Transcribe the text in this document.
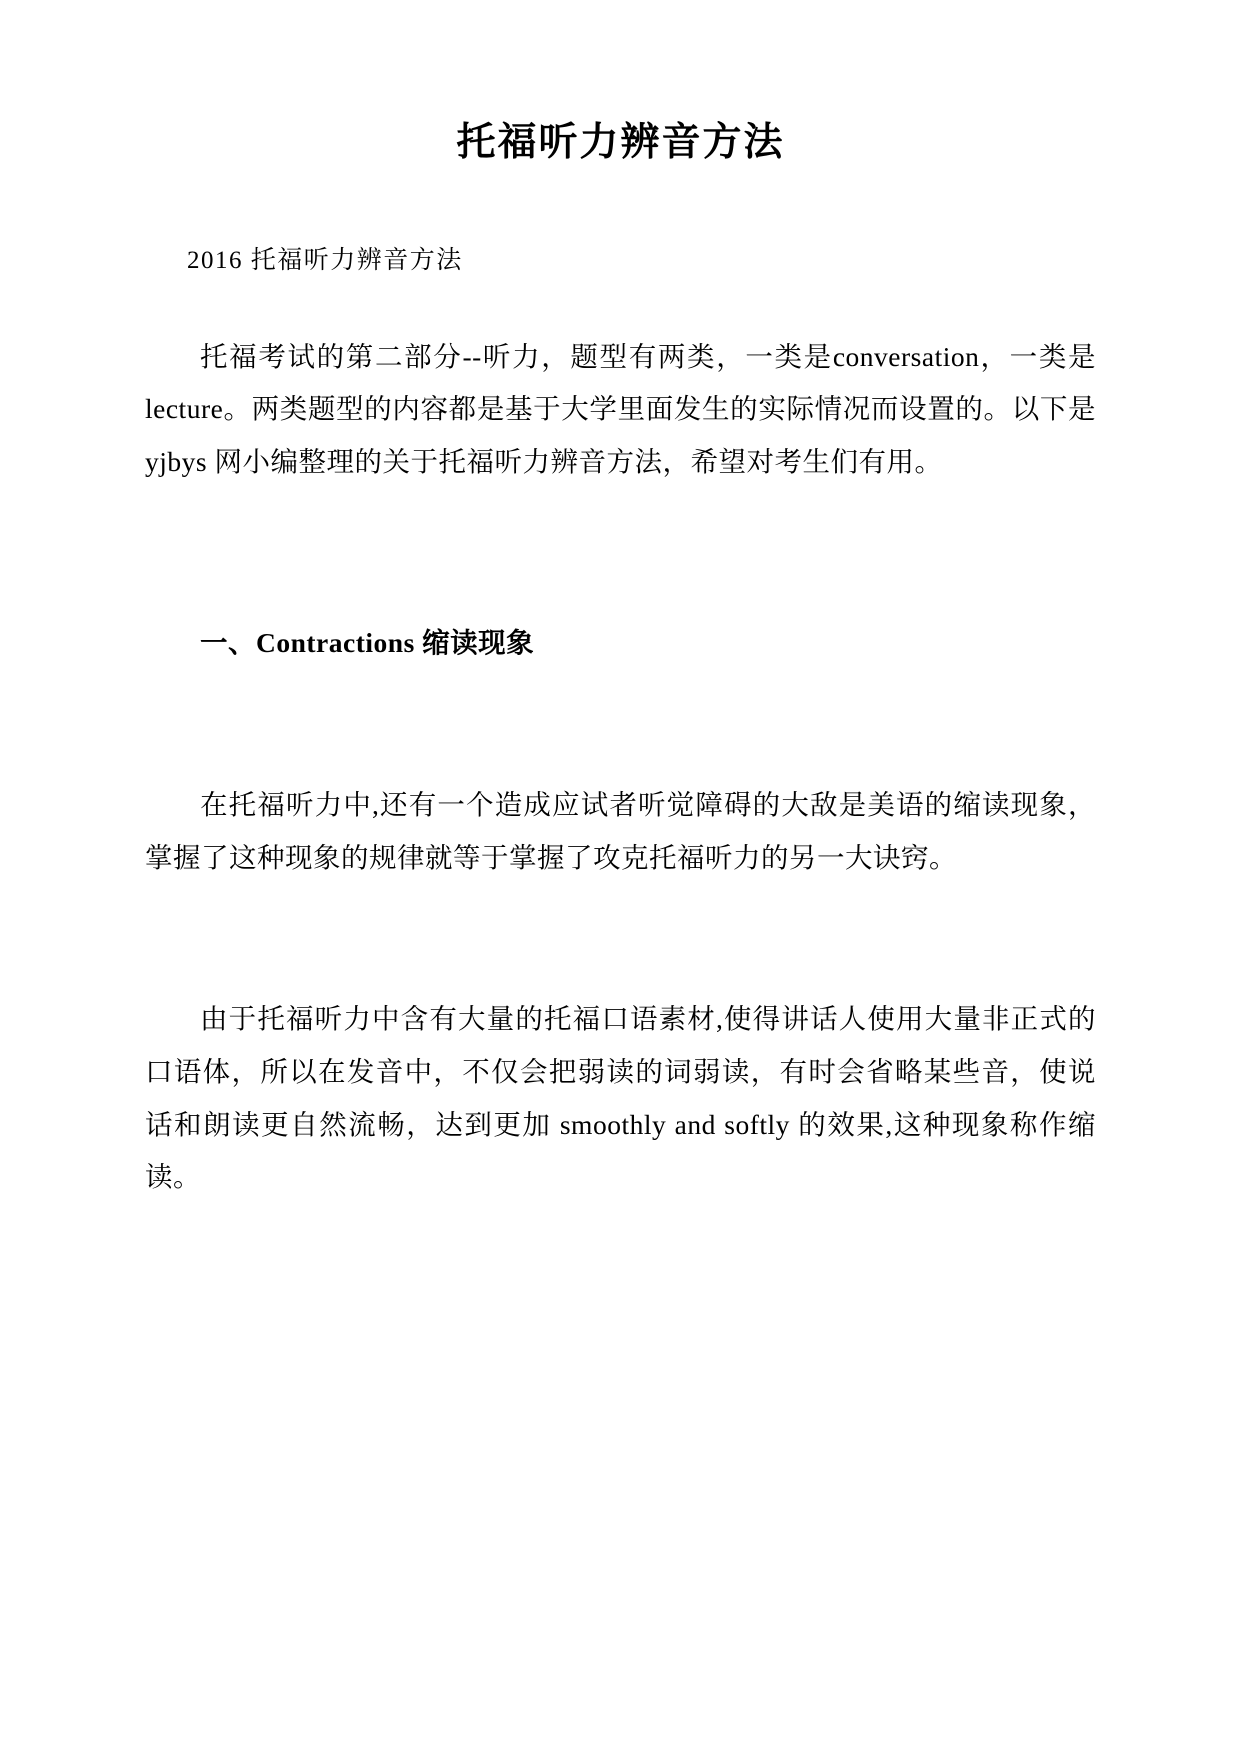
托福听力辨音方法

2016 托福听力辨音方法

托福考试的第二部分--听力，题型有两类，一类是conversation，一类是 lecture。两类题型的内容都是基于大学里面发生的实际情况而设置的。以下是 yjbys 网小编整理的关于托福听力辨音方法，希望对考生们有用。

一、Contractions 缩读现象

在托福听力中,还有一个造成应试者听觉障碍的大敌是美语的缩读现象，掌握了这种现象的规律就等于掌握了攻克托福听力的另一大诀窍。

由于托福听力中含有大量的托福口语素材,使得讲话人使用大量非正式的口语体，所以在发音中，不仅会把弱读的词弱读，有时会省略某些音，使说话和朗读更自然流畅，达到更加 smoothly and softly 的效果,这种现象称作缩读。
